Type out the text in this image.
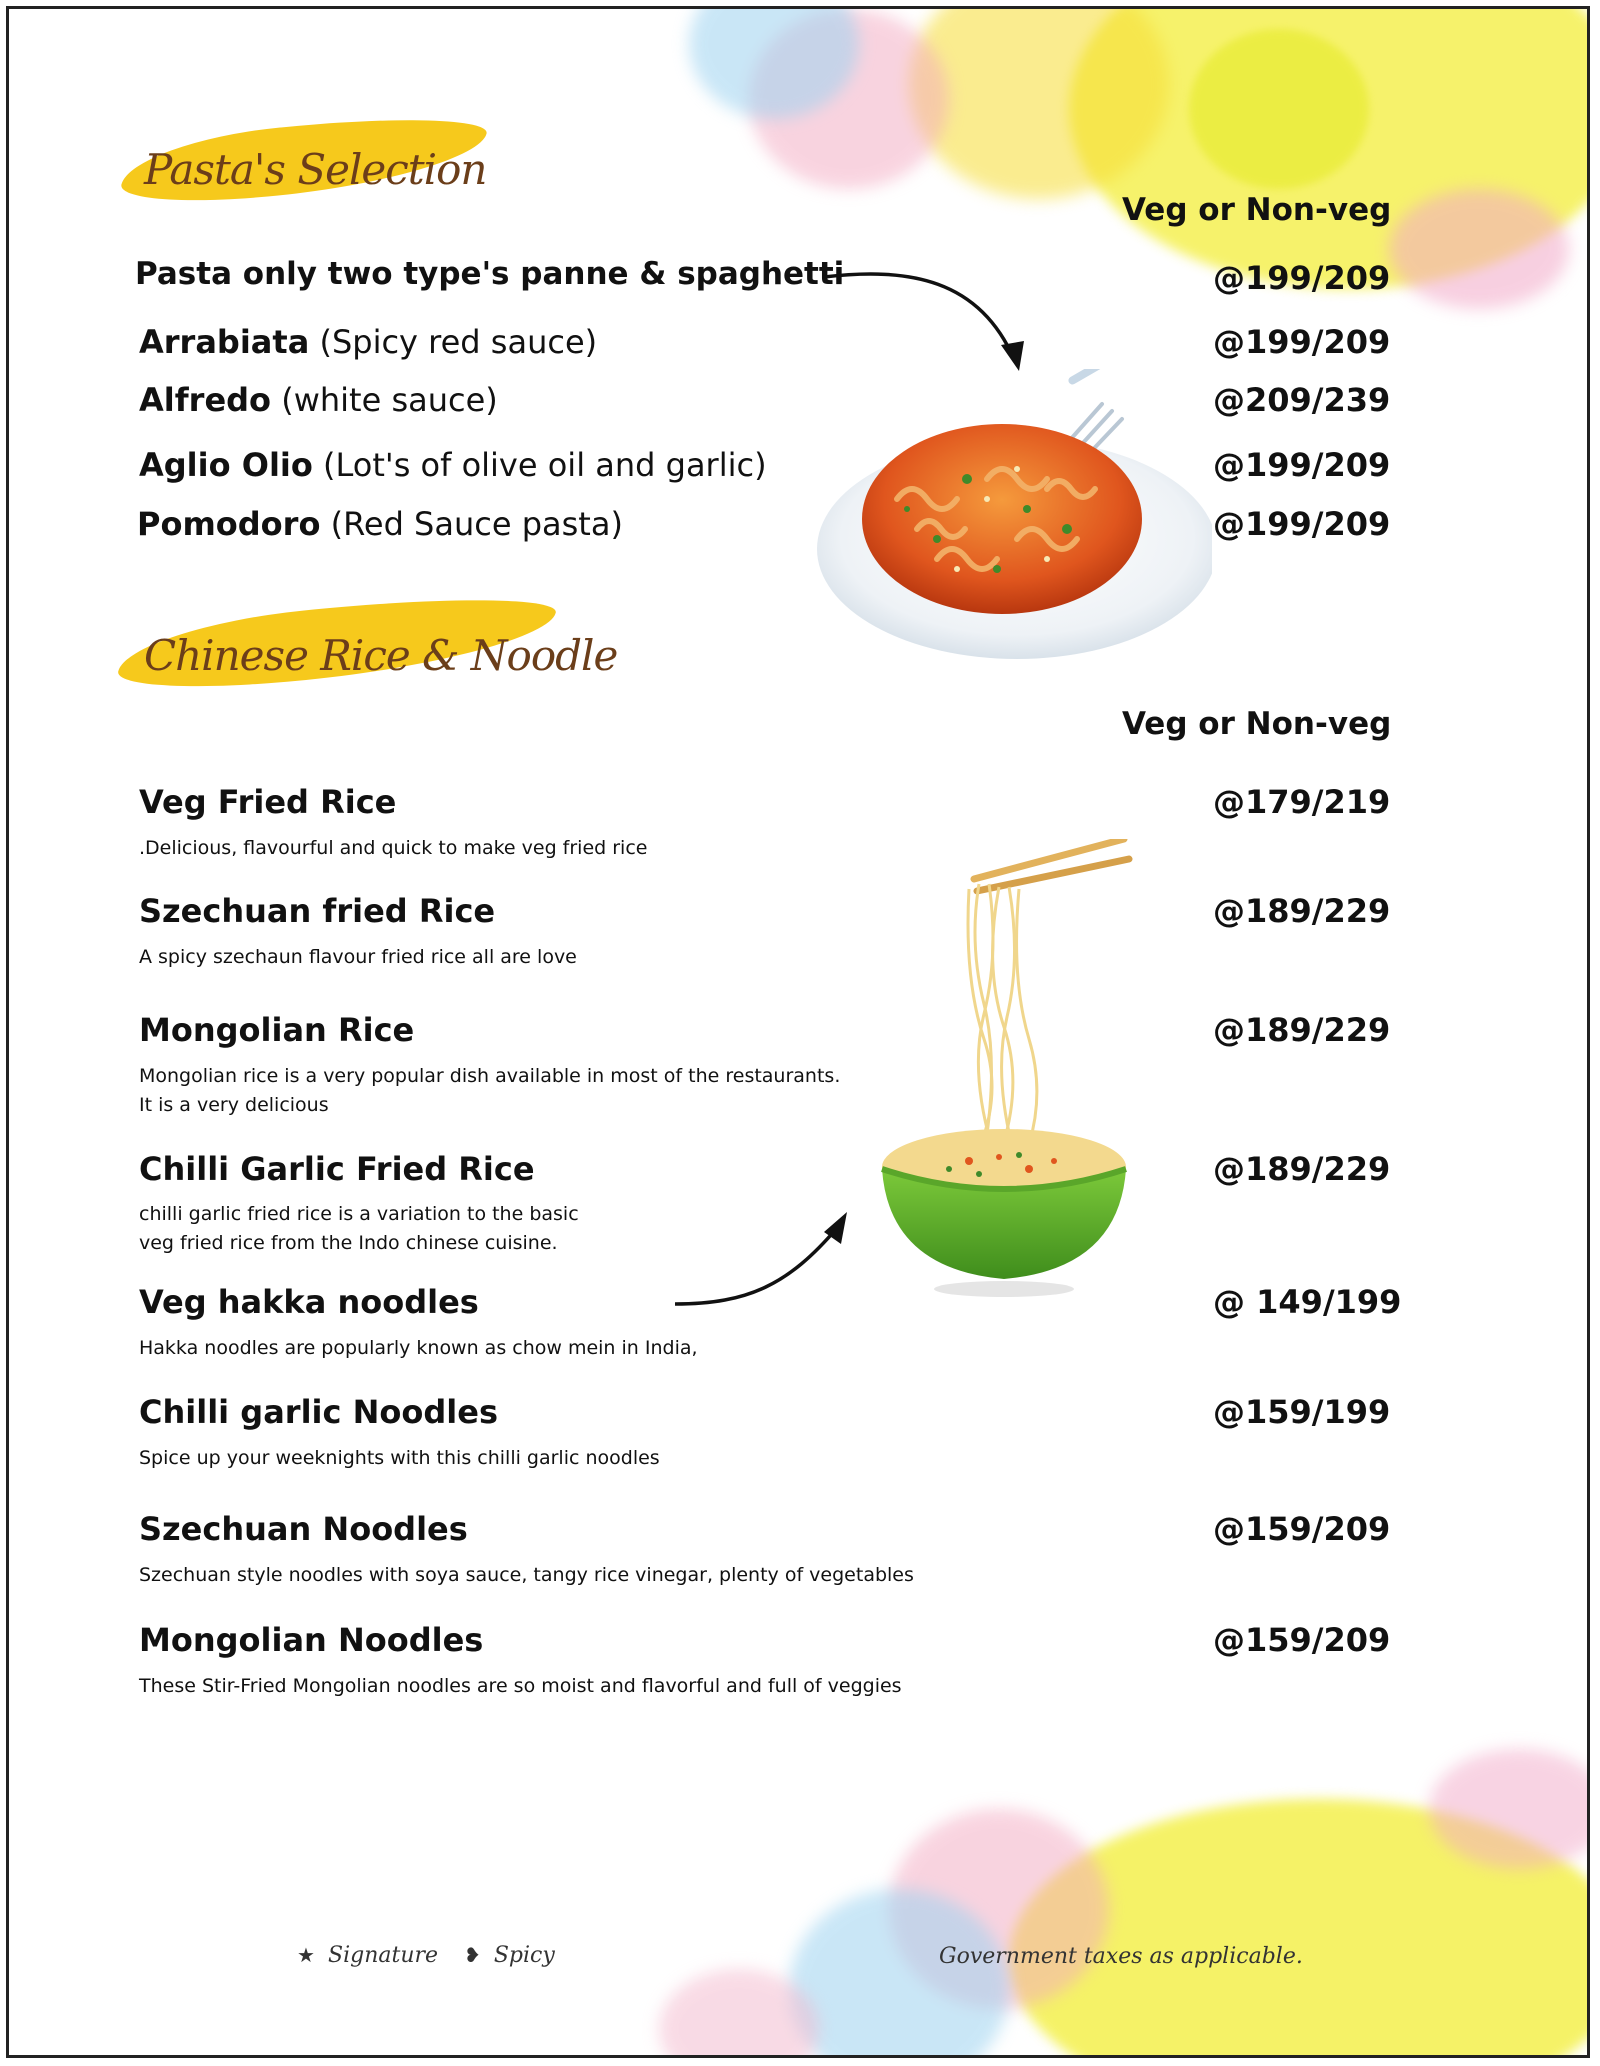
Pasta's Selection
Veg or Non-veg
Pasta only two type's panne & spaghetti	@199/209
Arrabiata (Spicy red sauce)	@199/209
Alfredo (white sauce)	@209/239
Aglio Olio (Lot's of olive oil and garlic)	@199/209
Pomodoro (Red Sauce pasta)	@199/209
Chinese Rice & Noodle
Veg or Non-veg
Veg Fried Rice	@179/219
.Delicious, flavourful and quick to make veg fried rice
Szechuan fried Rice	@189/229
A spicy szechaun flavour fried rice all are love
Mongolian Rice	@189/229
Mongolian rice is a very popular dish available in most of the restaurants.
It is a very delicious
Chilli Garlic Fried Rice	@189/229
chilli garlic fried rice is a variation to the basic
veg fried rice from the Indo chinese cuisine.
Veg hakka noodles	@ 149/199
Hakka noodles are popularly known as chow mein in India,
Chilli garlic Noodles	@159/199
Spice up your weeknights with this chilli garlic noodles
Szechuan Noodles	@159/209
Szechuan style noodles with soya sauce, tangy rice vinegar, plenty of vegetables
Mongolian Noodles	@159/209
These Stir-Fried Mongolian noodles are so moist and flavorful and full of veggies
★ Signature ❥ Spicy	Government taxes as applicable.
